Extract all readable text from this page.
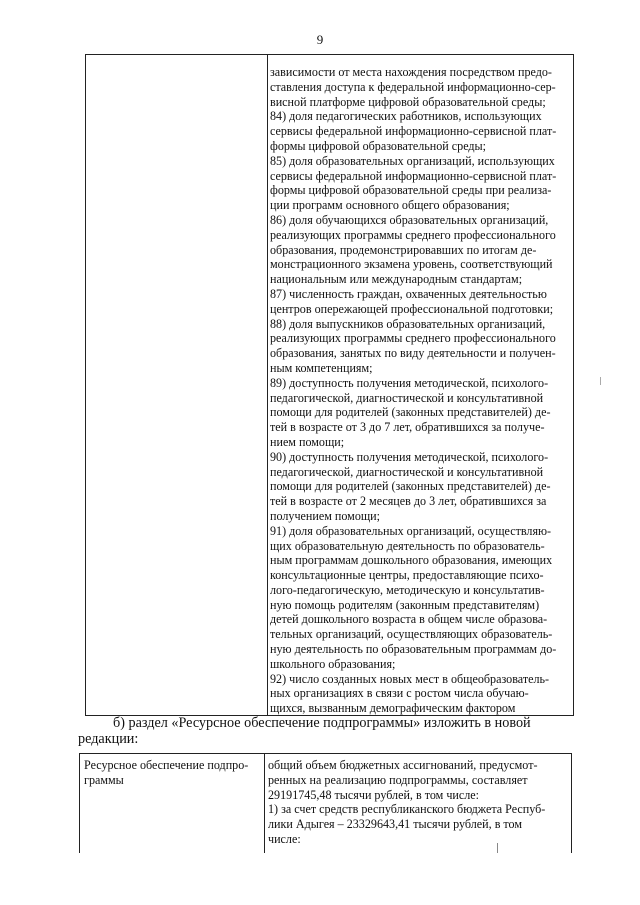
9
зависимости от места нахождения посредством предо-
ставления доступа к федеральной информационно-сер-
висной платформе цифровой образовательной среды;
84) доля педагогических работников, использующих
сервисы федеральной информационно-сервисной плат-
формы цифровой образовательной среды;
85) доля образовательных организаций, использующих
сервисы федеральной информационно-сервисной плат-
формы цифровой образовательной среды при реализа-
ции программ основного общего образования;
86) доля обучающихся образовательных организаций,
реализующих программы среднего профессионального
образования, продемонстрировавших по итогам де-
монстрационного экзамена уровень, соответствующий
национальным или международным стандартам;
87) численность граждан, охваченных деятельностью
центров опережающей профессиональной подготовки;
88) доля выпускников образовательных организаций,
реализующих программы среднего профессионального
образования, занятых по виду деятельности и получен-
ным компетенциям;
89) доступность получения методической, психолого-
педагогической, диагностической и консультативной
помощи для родителей (законных представителей) де-
тей в возрасте от 3 до 7 лет, обратившихся за получе-
нием помощи;
90) доступность получения методической, психолого-
педагогической, диагностической и консультативной
помощи для родителей (законных представителей) де-
тей в возрасте от 2 месяцев до 3 лет, обратившихся за
получением помощи;
91) доля образовательных организаций, осуществляю-
щих образовательную деятельность по образователь-
ным программам дошкольного образования, имеющих
консультационные центры, предоставляющие психо-
лого-педагогическую, методическую и консультатив-
ную помощь родителям (законным представителям)
детей дошкольного возраста в общем числе образова-
тельных организаций, осуществляющих образователь-
ную деятельность по образовательным программам до-
школьного образования;
92) число созданных новых мест в общеобразователь-
ных организациях в связи с ростом числа обучаю-
щихся, вызванным демографическим фактором
б) раздел «Ресурсное обеспечение подпрограммы» изложить в новой
редакции:
Ресурсное обеспечение подпро-
граммы
общий объем бюджетных ассигнований, предусмот-
ренных на реализацию подпрограммы, составляет
29191745,48 тысячи рублей, в том числе:
1) за счет средств республиканского бюджета Респуб-
лики Адыгея – 23329643,41 тысячи рублей, в том
числе:
